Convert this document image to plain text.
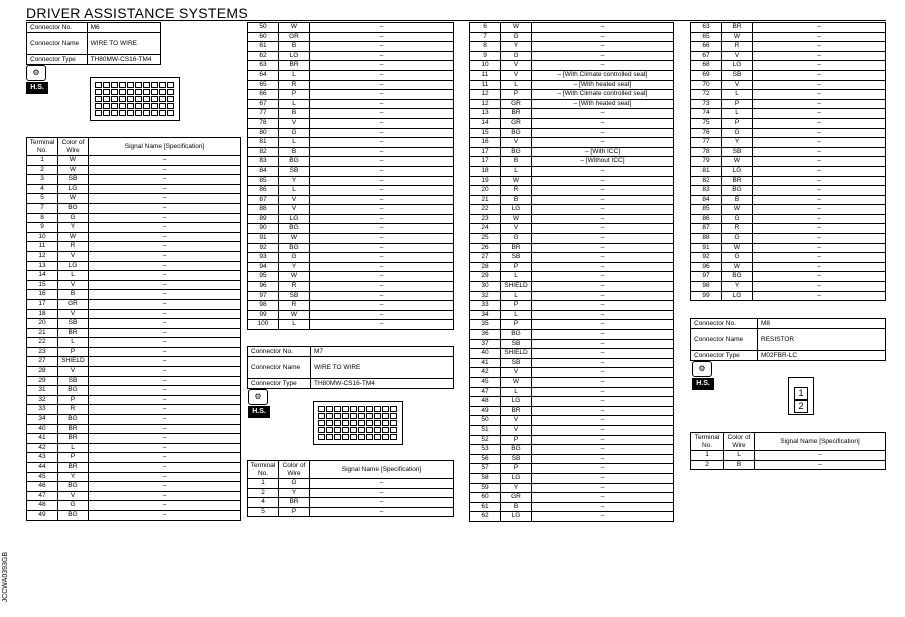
DRIVER ASSISTANCE SYSTEMS
Connector No.	M6
Connector Name	WIRE TO WIRE
Connector Type	TH80MW-CS16-TM4
⚙
H.S.
Terminal No.	Color of Wire	Signal Name [Specification]
1	W	–
2	W	–
3	SB	–
4	LG	–
5	W	–
7	BG	–
8	G	–
9	Y	–
10	W	–
11	R	–
12	V	–
13	LG	–
14	L	–
15	V	–
16	B	–
17	GR	–
18	V	–
20	SB	–
21	BR	–
22	L	–
23	P	–
27	SHIELD	–
28	V	–
29	SB	–
31	BG	–
32	P	–
33	R	–
34	BG	–
40	BR	–
41	BR	–
42	L	–
43	P	–
44	BR	–
45	Y	–
46	BG	–
47	V	–
48	G	–
49	BG	–
50	W	–
60	GR	–
61	B	–
62	LG	–
63	BR	–
64	L	–
65	R	–
66	P	–
67	L	–
77	B	–
78	V	–
80	G	–
81	L	–
82	B	–
83	BG	–
84	SB	–
85	Y	–
86	L	–
87	V	–
88	V	–
89	LG	–
90	BG	–
91	W	–
92	BG	–
93	G	–
94	Y	–
95	W	–
96	R	–
97	SB	–
98	R	–
99	W	–
100	L	–
Connector No.	M7
Connector Name	WIRE TO WIRE
Connector Type	TH80MW-CS16-TM4
⚙
H.S.
Terminal No.	Color of Wire	Signal Name [Specification]
1	G	–
2	Y	–
4	BR	–
5	P	–
6	W	–
7	G	–
8	Y	–
9	G	–
10	V	–
11	V	– [With Climate controlled seat]
11	L	– [With heated seat]
12	P	– [With Climate controlled seat]
12	GR	– [With heated seat]
13	BR	–
14	GR	–
15	BG	–
16	V	–
17	BG	– [With ICC]
17	B	– [Without ICC]
18	L	–
19	W	–
20	R	–
21	B	–
22	LG	–
23	W	–
24	V	–
25	G	–
26	BR	–
27	SB	–
28	P	–
29	L	–
30	SHIELD	–
32	L	–
33	P	–
34	L	–
35	P	–
36	BG	–
37	SB	–
40	SHIELD	–
41	SB	–
42	V	–
45	W	–
47	L	–
48	LG	–
49	BR	–
50	V	–
51	V	–
52	P	–
53	BG	–
56	SB	–
57	P	–
58	LG	–
59	Y	–
60	GR	–
61	B	–
62	LG	–
63	BR	–
65	W	–
66	R	–
67	V	–
68	LG	–
69	SB	–
70	V	–
72	L	–
73	P	–
74	L	–
75	P	–
76	G	–
77	Y	–
78	SB	–
79	W	–
81	LG	–
82	BR	–
83	BG	–
84	B	–
85	W	–
86	G	–
87	R	–
88	G	–
91	W	–
92	G	–
96	W	–
97	BG	–
98	Y	–
99	LG	–
Connector No.	M8
Connector Name	RESISTOR
Connector Type	M02FBR-LC
⚙
H.S.
1
2
Terminal No.	Color of Wire	Signal Name [Specification]
1	L	–
2	B	–
JCCWA0393GB
